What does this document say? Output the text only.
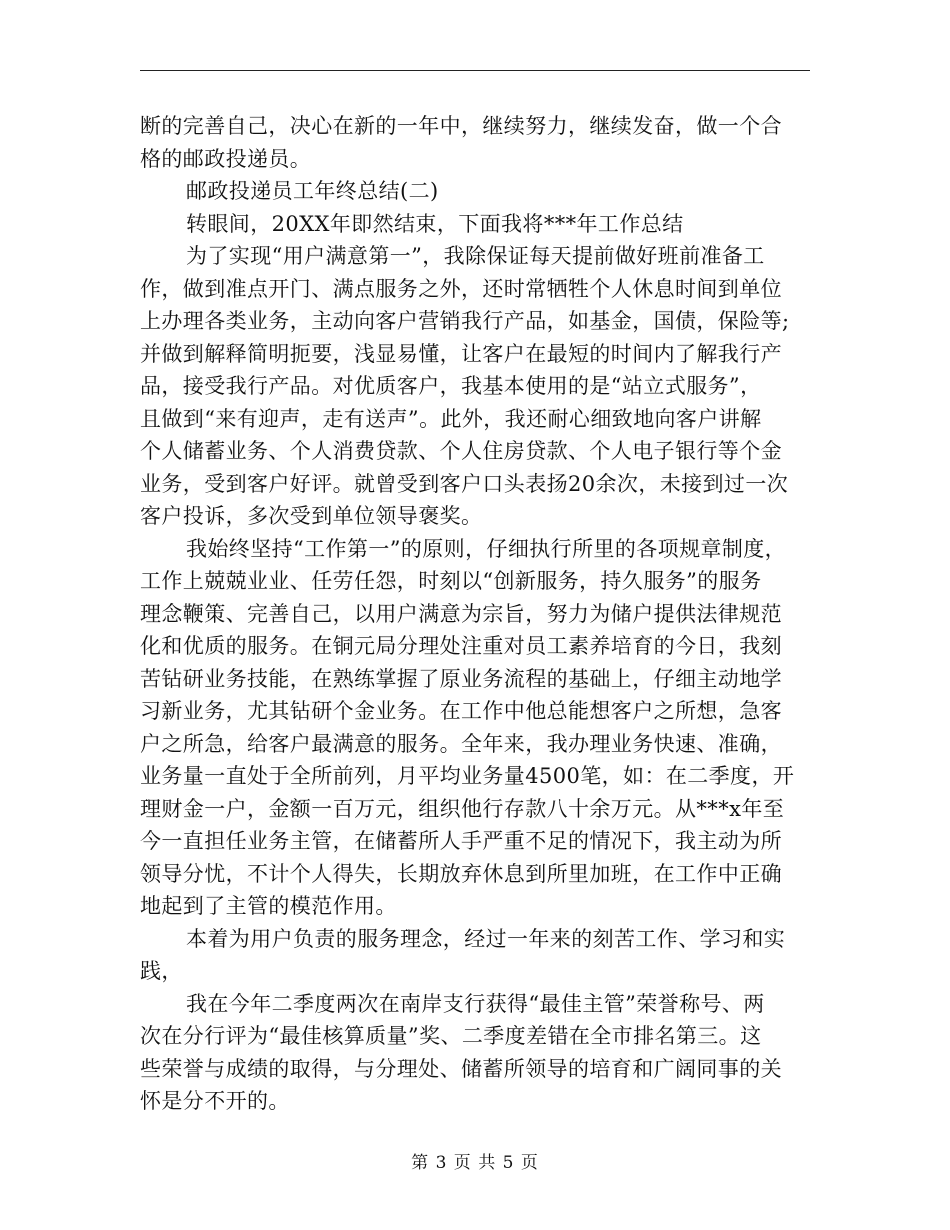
断的完善自己，决心在新的一年中，继续努力，继续发奋，做一个合
格的邮政投递员。
邮政投递员工年终总结(二)
转眼间，20XX年即然结束，下面我将***年工作总结
为了实现“用户满意第一”，我除保证每天提前做好班前准备工
作，做到准点开门、满点服务之外，还时常牺牲个人休息时间到单位
上办理各类业务，主动向客户营销我行产品，如基金，国债，保险等;
并做到解释简明扼要，浅显易懂，让客户在最短的时间内了解我行产
品，接受我行产品。对优质客户，我基本使用的是“站立式服务”，
且做到“来有迎声，走有送声”。此外，我还耐心细致地向客户讲解
个人储蓄业务、个人消费贷款、个人住房贷款、个人电子银行等个金
业务，受到客户好评。就曾受到客户口头表扬20余次，未接到过一次
客户投诉，多次受到单位领导褒奖。
我始终坚持“工作第一”的原则，仔细执行所里的各项规章制度，
工作上兢兢业业、任劳任怨，时刻以“创新服务，持久服务”的服务
理念鞭策、完善自己，以用户满意为宗旨，努力为储户提供法律规范
化和优质的服务。在铜元局分理处注重对员工素养培育的今日，我刻
苦钻研业务技能，在熟练掌握了原业务流程的基础上，仔细主动地学
习新业务，尤其钻研个金业务。在工作中他总能想客户之所想，急客
户之所急，给客户最满意的服务。全年来，我办理业务快速、准确，
业务量一直处于全所前列，月平均业务量4500笔，如：在二季度，开
理财金一户，金额一百万元，组织他行存款八十余万元。从***x年至
今一直担任业务主管，在储蓄所人手严重不足的情况下，我主动为所
领导分忧，不计个人得失，长期放弃休息到所里加班，在工作中正确
地起到了主管的模范作用。
本着为用户负责的服务理念，经过一年来的刻苦工作、学习和实
践，
我在今年二季度两次在南岸支行获得“最佳主管”荣誉称号、两
次在分行评为“最佳核算质量”奖、二季度差错在全市排名第三。这
些荣誉与成绩的取得，与分理处、储蓄所领导的培育和广阔同事的关
怀是分不开的。
第 3 页 共 5 页
